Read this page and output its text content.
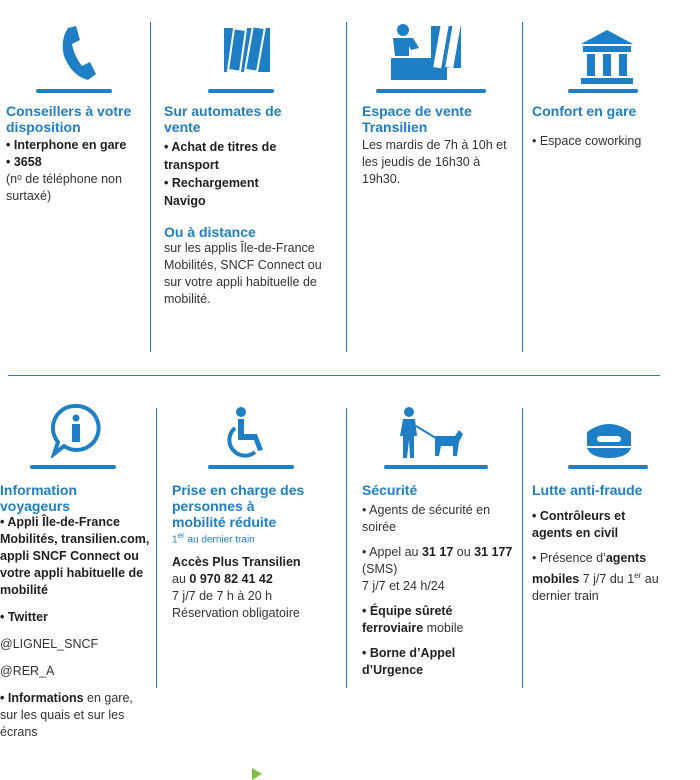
Conseillers à votre disposition

• Interphone en gare

• 3658

(nᵒ de téléphone non surtaxé)

Sur automates de vente

• Achat de titres de transport

• Rechargement Navigo

Ou à distance

sur les applis Île-de-France Mobilités, SNCF Connect ou sur votre appli habituelle de mobilité.

Espace de vente Transilien

Les mardis de 7h à 10h et les jeudis de 16h30 à 19h30.

Confort en gare

• Espace coworking

Information voyageurs

• Appli Île-de-France Mobilités, transilien.com, appli SNCF Connect ou votre appli habituelle de mobilité

• Twitter

@LIGNEL_SNCF

@RER_A

• Informations en gare, sur les quais et sur les écrans

Prise en charge des personnes à mobilité réduite

1er au dernier train

Accès Plus Transilien

au 0 970 82 41 42

7 j/7 de 7 h à 20 h

Réservation obligatoire

Sécurité

• Agents de sécurité en soirée

• Appel au 31 17 ou 31 177 (SMS)

7 j/7 et 24 h/24

• Équipe sûreté ferroviaire mobile

• Borne d’Appel d’Urgence

Lutte anti-fraude

• Contrôleurs et agents en civil

• Présence d’agents mobiles 7 j/7 du 1er au dernier train
